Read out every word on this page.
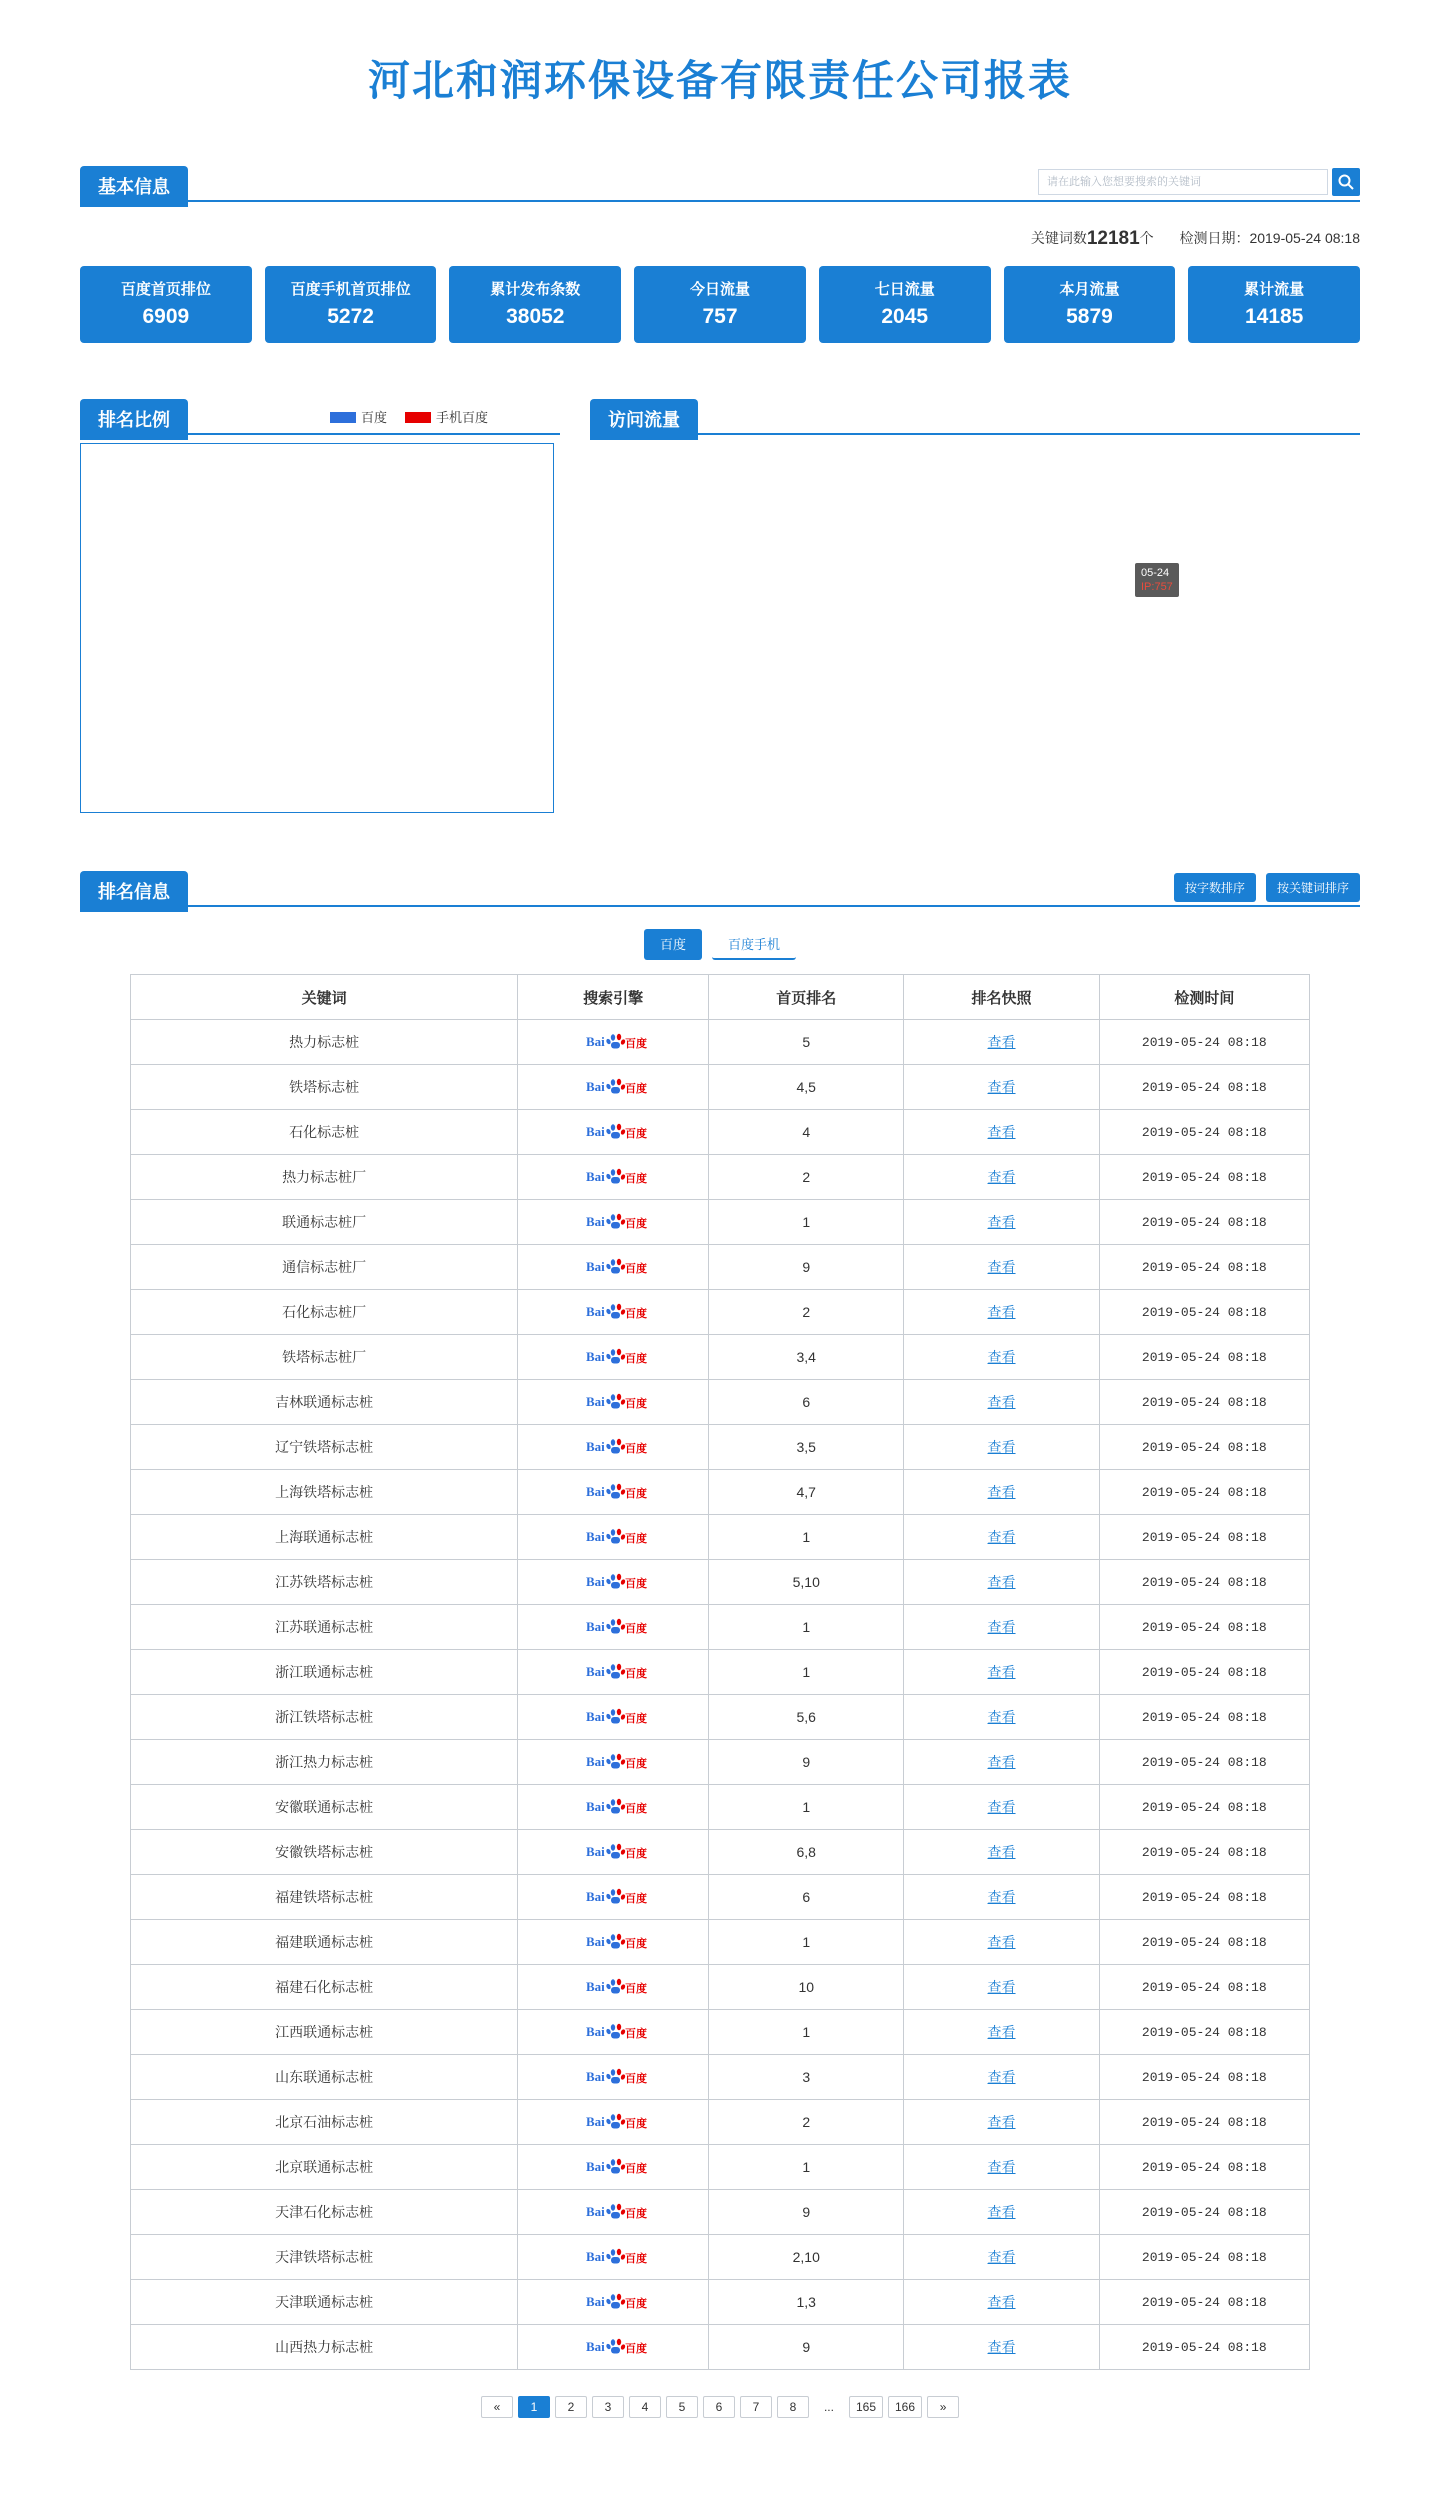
河北和润环保设备有限责任公司报表
基本信息
请在此输入您想要搜索的关键词
关键词数12181个 检测日期：2019-05-24 08:18
百度首页排位
6909
百度手机首页排位
5272
累计发布条数
38052
今日流量
757
七日流量
2045
本月流量
5879
累计流量
14185
排名比例	百度	手机百度	访问流量
05-24
IP:757
排名信息	按字数排序	按关键词排序
百度	百度手机
关键词	搜索引擎	首页排名	排名快照	检测时间
热力标志桩	Bai 百度	5	查看	2019-05-24 08:18
铁塔标志桩	Bai 百度	4,5	查看	2019-05-24 08:18
石化标志桩	Bai 百度	4	查看	2019-05-24 08:18
热力标志桩厂	Bai 百度	2	查看	2019-05-24 08:18
联通标志桩厂	Bai 百度	1	查看	2019-05-24 08:18
通信标志桩厂	Bai 百度	9	查看	2019-05-24 08:18
石化标志桩厂	Bai 百度	2	查看	2019-05-24 08:18
铁塔标志桩厂	Bai 百度	3,4	查看	2019-05-24 08:18
吉林联通标志桩	Bai 百度	6	查看	2019-05-24 08:18
辽宁铁塔标志桩	Bai 百度	3,5	查看	2019-05-24 08:18
上海铁塔标志桩	Bai 百度	4,7	查看	2019-05-24 08:18
上海联通标志桩	Bai 百度	1	查看	2019-05-24 08:18
江苏铁塔标志桩	Bai 百度	5,10	查看	2019-05-24 08:18
江苏联通标志桩	Bai 百度	1	查看	2019-05-24 08:18
浙江联通标志桩	Bai 百度	1	查看	2019-05-24 08:18
浙江铁塔标志桩	Bai 百度	5,6	查看	2019-05-24 08:18
浙江热力标志桩	Bai 百度	9	查看	2019-05-24 08:18
安徽联通标志桩	Bai 百度	1	查看	2019-05-24 08:18
安徽铁塔标志桩	Bai 百度	6,8	查看	2019-05-24 08:18
福建铁塔标志桩	Bai 百度	6	查看	2019-05-24 08:18
福建联通标志桩	Bai 百度	1	查看	2019-05-24 08:18
福建石化标志桩	Bai 百度	10	查看	2019-05-24 08:18
江西联通标志桩	Bai 百度	1	查看	2019-05-24 08:18
山东联通标志桩	Bai 百度	3	查看	2019-05-24 08:18
北京石油标志桩	Bai 百度	2	查看	2019-05-24 08:18
北京联通标志桩	Bai 百度	1	查看	2019-05-24 08:18
天津石化标志桩	Bai 百度	9	查看	2019-05-24 08:18
天津铁塔标志桩	Bai 百度	2,10	查看	2019-05-24 08:18
天津联通标志桩	Bai 百度	1,3	查看	2019-05-24 08:18
山西热力标志桩	Bai 百度	9	查看	2019-05-24 08:18
«	1	2	3	4	5	6	7	8	...	165	166	»
